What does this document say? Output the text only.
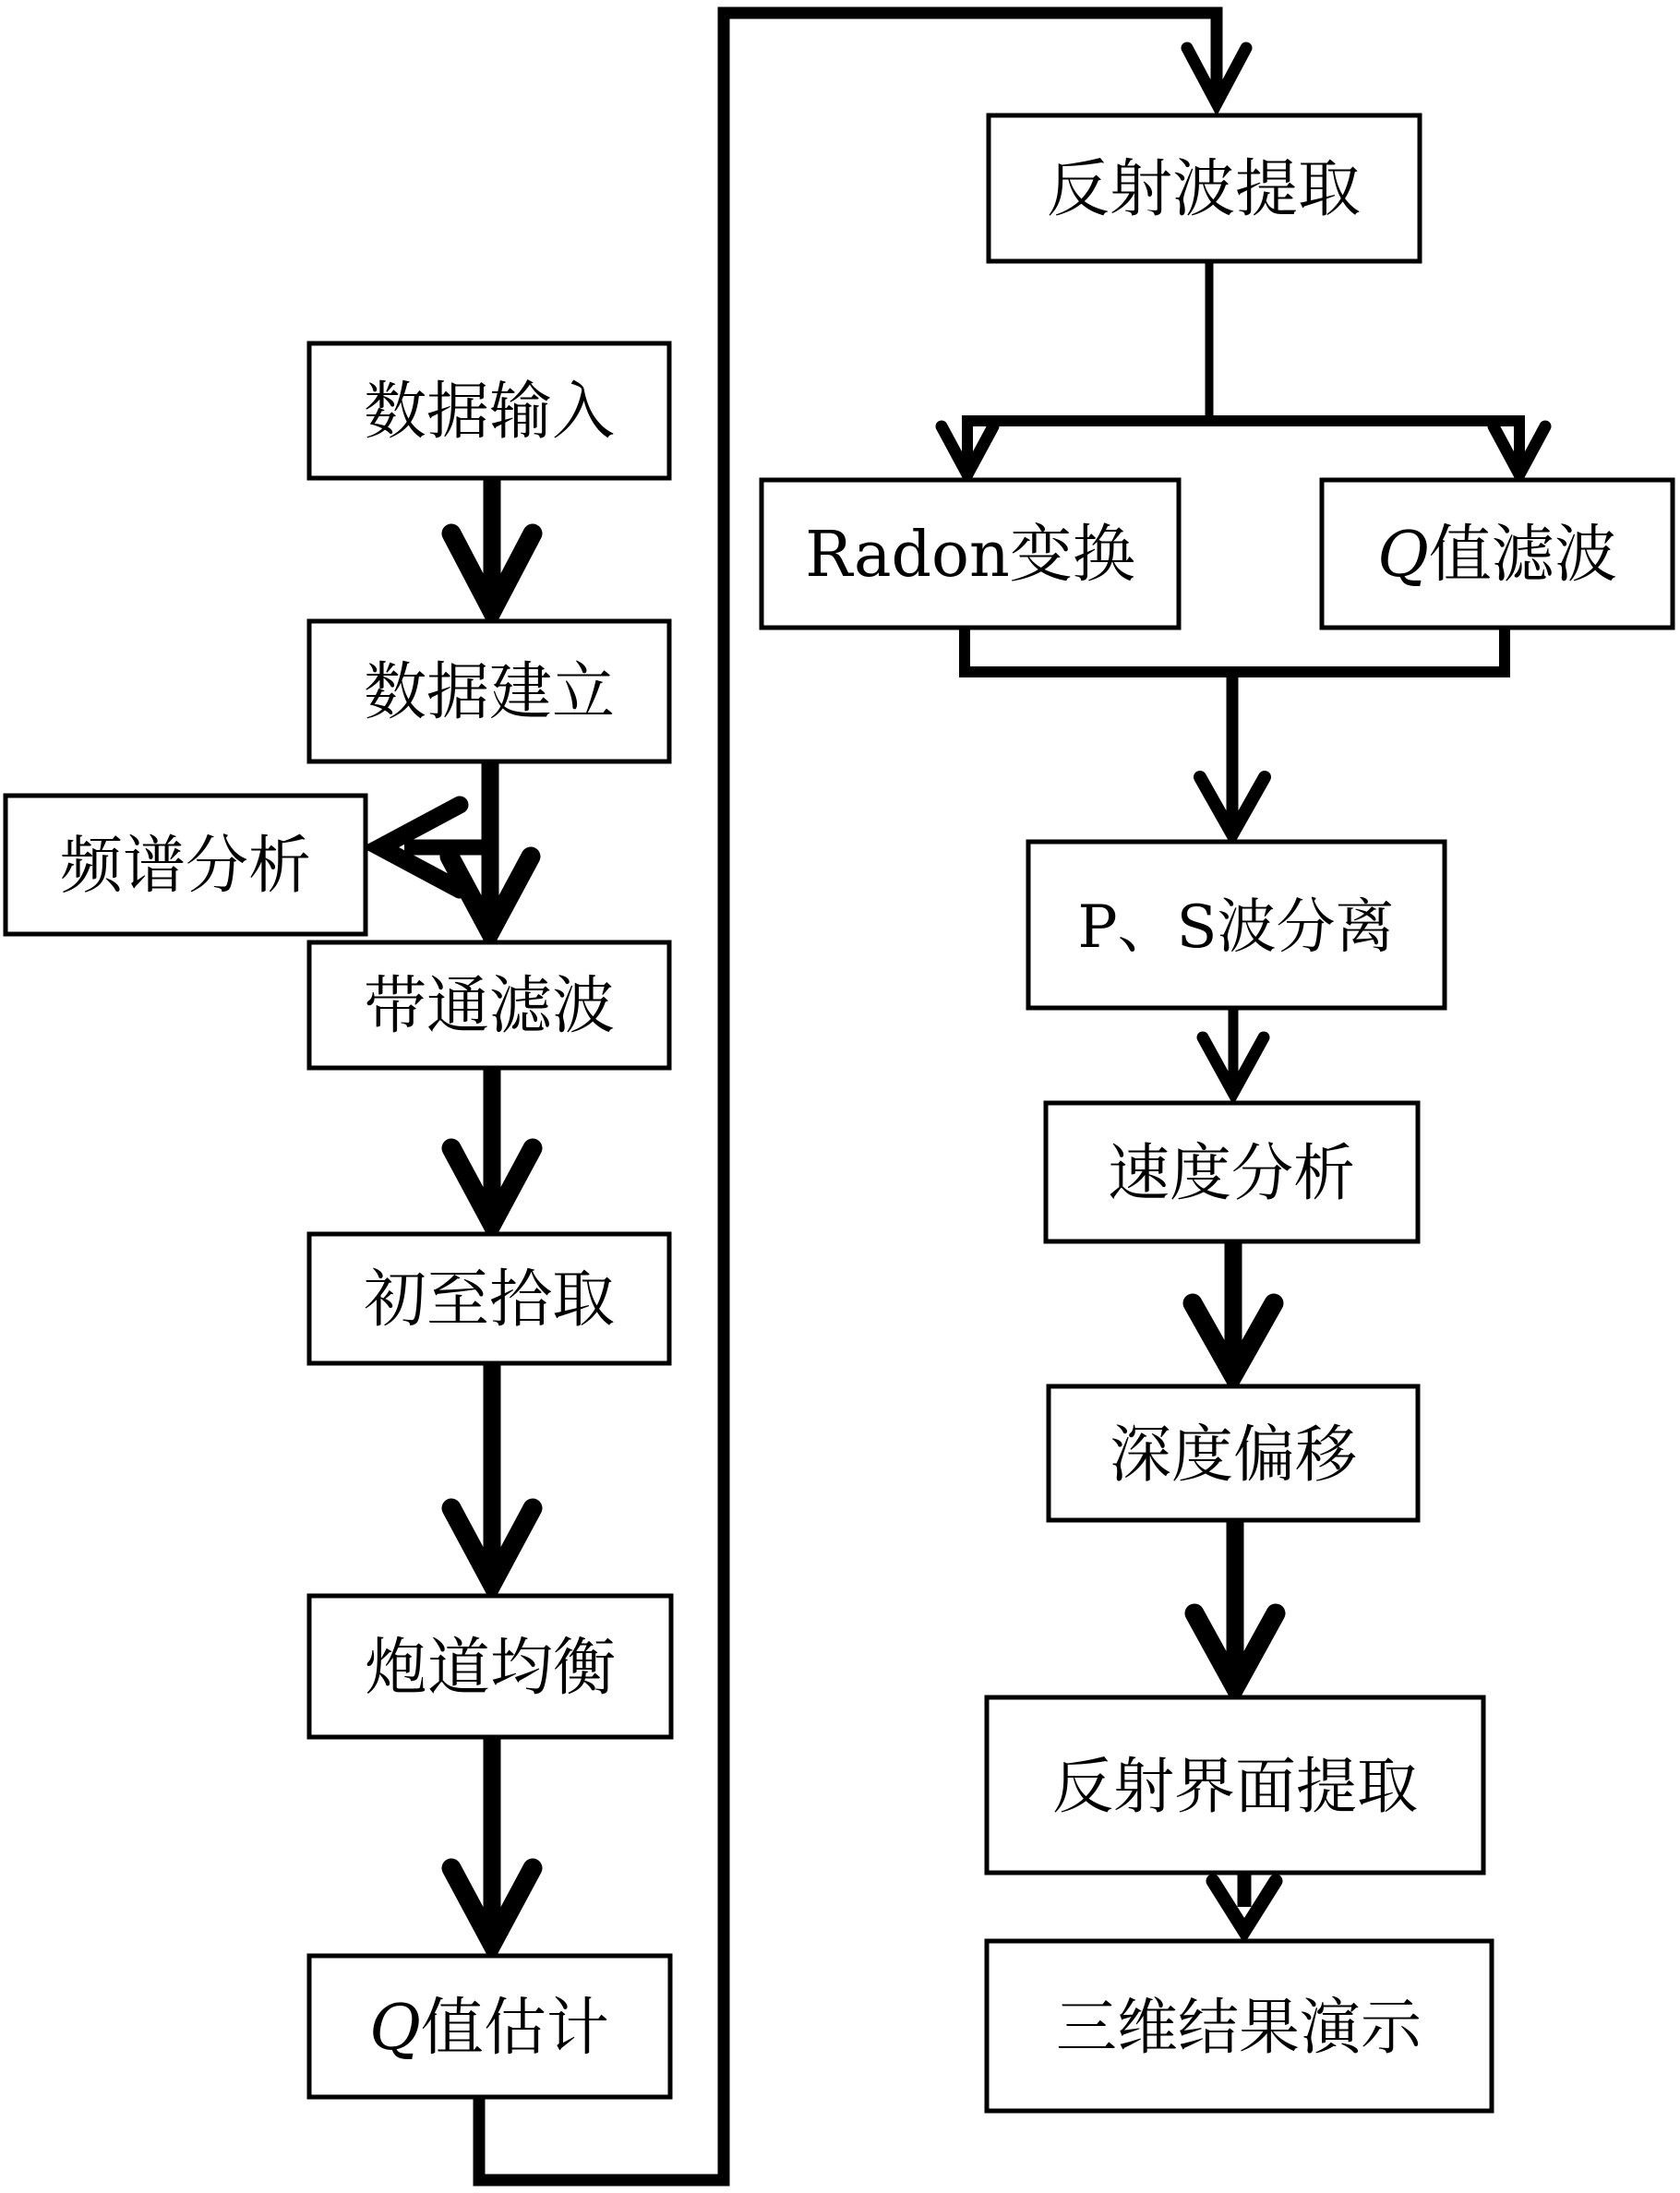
数据输入
数据建立
频谱分析
带通滤波
初至拾取
炮道均衡
Q值估计
反射波提取
Radon变换	Q值滤波
P、S波分离
速度分析
深度偏移
反射界面提取
三维结果演示
